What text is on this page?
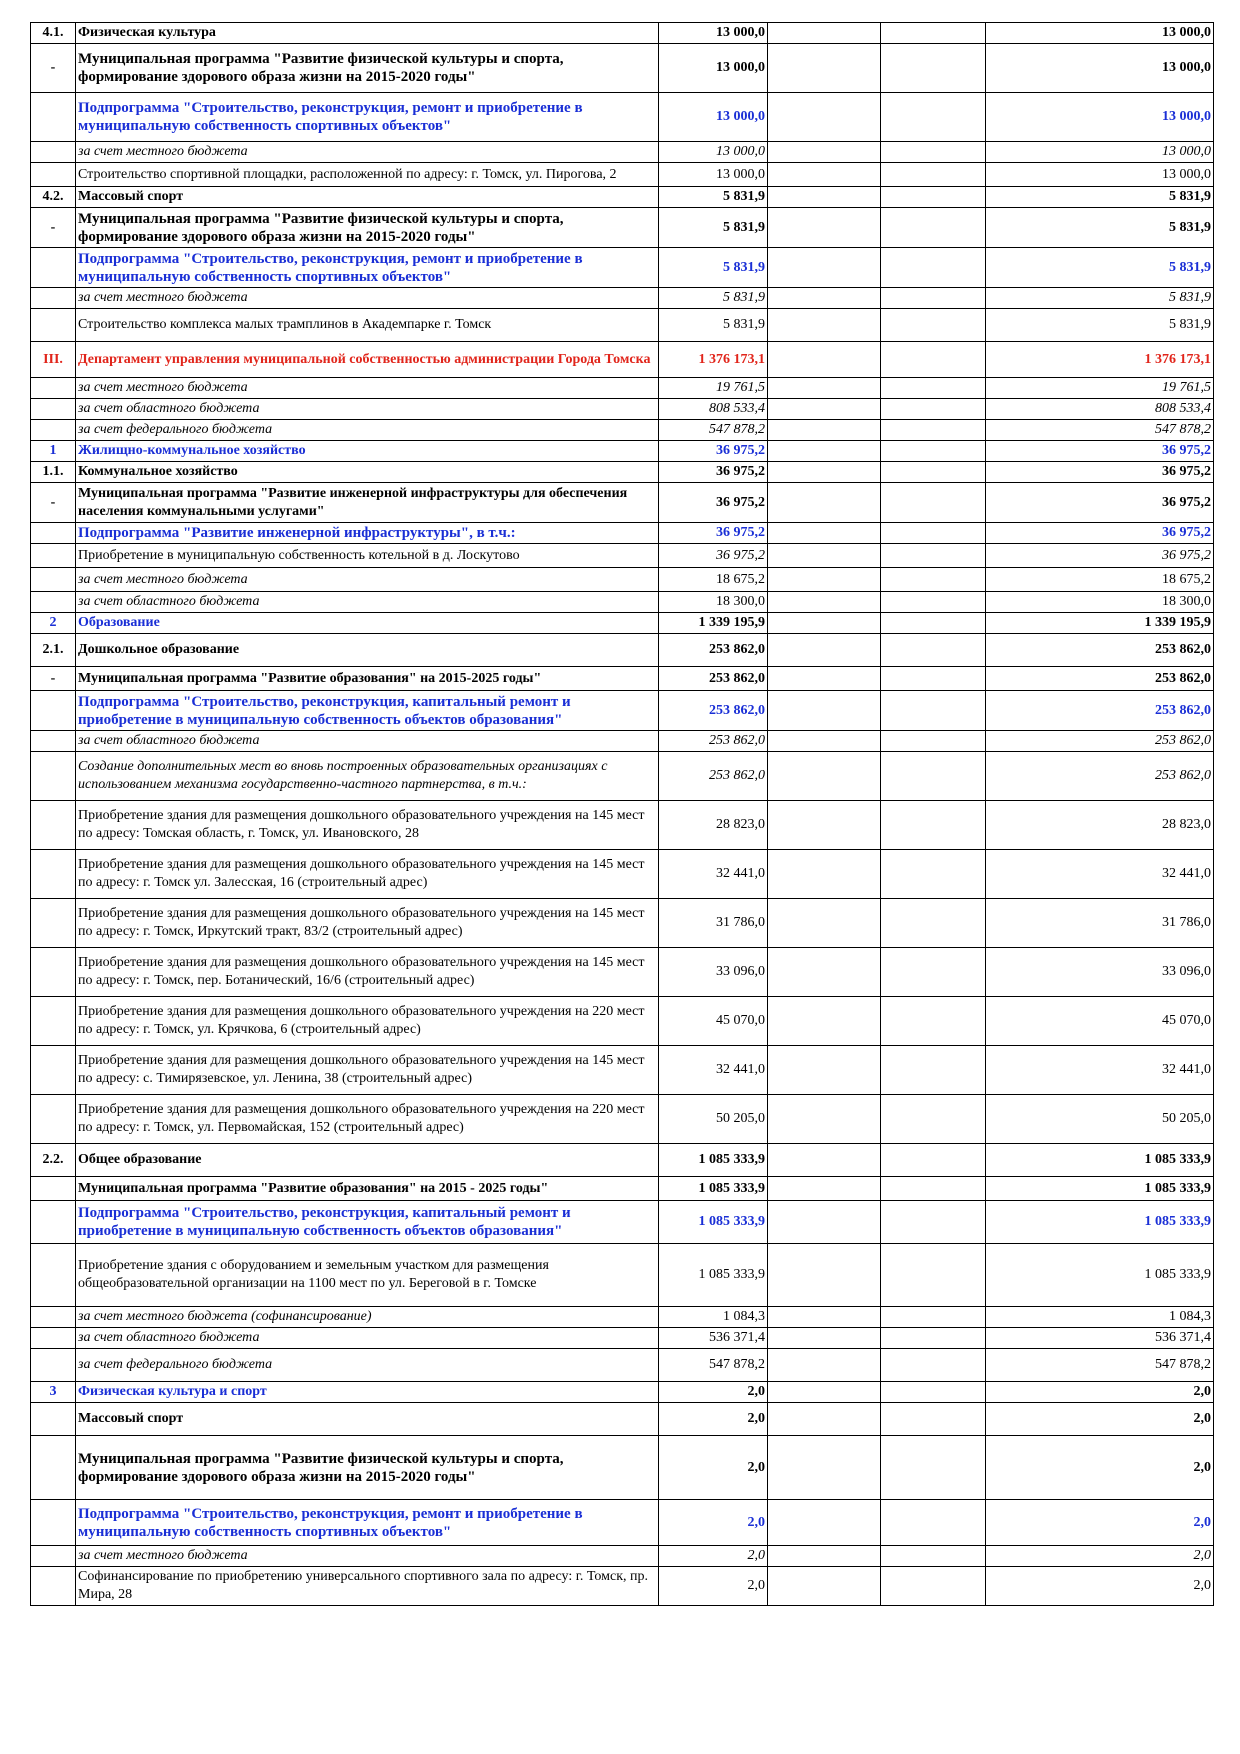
4.1.	Физическая культура	13 000,0			13 000,0
-	Муниципальная программа "Развитие физической культуры и спорта, формирование здорового образа жизни на 2015-2020 годы"	13 000,0			13 000,0
	Подпрограмма "Строительство, реконструкция, ремонт и приобретение в муниципальную собственность спортивных объектов"	13 000,0			13 000,0
	за счет местного бюджета	13 000,0			13 000,0
	Строительство спортивной площадки, расположенной по адресу: г. Томск, ул. Пирогова, 2	13 000,0			13 000,0
4.2.	Массовый спорт	5 831,9			5 831,9
-	Муниципальная программа "Развитие физической культуры и спорта, формирование здорового образа жизни на 2015-2020 годы"	5 831,9			5 831,9
	Подпрограмма "Строительство, реконструкция, ремонт и приобретение в муниципальную собственность спортивных объектов"	5 831,9			5 831,9
	за счет местного бюджета	5 831,9			5 831,9
	Строительство комплекса малых трамплинов в Академпарке г. Томск	5 831,9			5 831,9
III.	Департамент управления муниципальной собственностью администрации Города Томска	1 376 173,1			1 376 173,1
	за счет местного бюджета	19 761,5			19 761,5
	за счет областного бюджета	808 533,4			808 533,4
	за счет федерального бюджета	547 878,2			547 878,2
1	Жилищно-коммунальное хозяйство	36 975,2			36 975,2
1.1.	Коммунальное хозяйство	36 975,2			36 975,2
-	Муниципальная программа "Развитие инженерной инфраструктуры для обеспечения населения коммунальными услугами"	36 975,2			36 975,2
	Подпрограмма "Развитие инженерной инфраструктуры", в т.ч.:	36 975,2			36 975,2
	Приобретение в муниципальную собственность котельной в д. Лоскутово	36 975,2			36 975,2
	за счет местного бюджета	18 675,2			18 675,2
	за счет областного бюджета	18 300,0			18 300,0
2	Образование	1 339 195,9			1 339 195,9
2.1.	Дошкольное образование	253 862,0			253 862,0
-	Муниципальная программа "Развитие образования" на 2015-2025 годы"	253 862,0			253 862,0
	Подпрограмма "Строительство, реконструкция, капитальный ремонт и приобретение в муниципальную собственность объектов образования"	253 862,0			253 862,0
	за счет областного бюджета	253 862,0			253 862,0
	Создание дополнительных мест во вновь построенных образовательных организациях с использованием механизма государственно-частного партнерства, в т.ч.:	253 862,0			253 862,0
	Приобретение здания для размещения дошкольного образовательного учреждения на 145 мест по адресу: Томская область, г. Томск, ул. Ивановского, 28	28 823,0			28 823,0
	Приобретение здания для размещения дошкольного образовательного учреждения на 145 мест по адресу: г. Томск ул. Залесская, 16 (строительный адрес)	32 441,0			32 441,0
	Приобретение здания для размещения дошкольного образовательного учреждения на 145 мест по адресу: г. Томск, Иркутский тракт, 83/2 (строительный адрес)	31 786,0			31 786,0
	Приобретение здания для размещения дошкольного образовательного учреждения на 145 мест по адресу: г. Томск, пер. Ботанический, 16/6 (строительный адрес)	33 096,0			33 096,0
	Приобретение здания для размещения дошкольного образовательного учреждения на 220 мест по адресу: г. Томск, ул. Крячкова, 6 (строительный адрес)	45 070,0			45 070,0
	Приобретение здания для размещения дошкольного образовательного учреждения на 145 мест по адресу: с. Тимирязевское, ул. Ленина, 38 (строительный адрес)	32 441,0			32 441,0
	Приобретение здания для размещения дошкольного образовательного учреждения на 220 мест по адресу: г. Томск, ул. Первомайская, 152 (строительный адрес)	50 205,0			50 205,0
2.2.	Общее образование	1 085 333,9			1 085 333,9
	Муниципальная программа "Развитие образования" на 2015 - 2025 годы"	1 085 333,9			1 085 333,9
	Подпрограмма "Строительство, реконструкция, капитальный ремонт и приобретение в муниципальную собственность объектов образования"	1 085 333,9			1 085 333,9
	Приобретение здания с оборудованием и земельным участком для размещения общеобразовательной организации на 1100 мест по ул. Береговой в г. Томске	1 085 333,9			1 085 333,9
	за счет местного бюджета (софинансирование)	1 084,3			1 084,3
	за счет областного бюджета	536 371,4			536 371,4
	за счет федерального бюджета	547 878,2			547 878,2
3	Физическая культура и спорт	2,0			2,0
	Массовый спорт	2,0			2,0
	Муниципальная программа "Развитие физической культуры и спорта, формирование здорового образа жизни на 2015-2020 годы"	2,0			2,0
	Подпрограмма "Строительство, реконструкция, ремонт и приобретение в муниципальную собственность спортивных объектов"	2,0			2,0
	за счет местного бюджета	2,0			2,0
	Софинансирование по приобретению универсального спортивного зала по адресу: г. Томск, пр. Мира, 28	2,0			2,0
